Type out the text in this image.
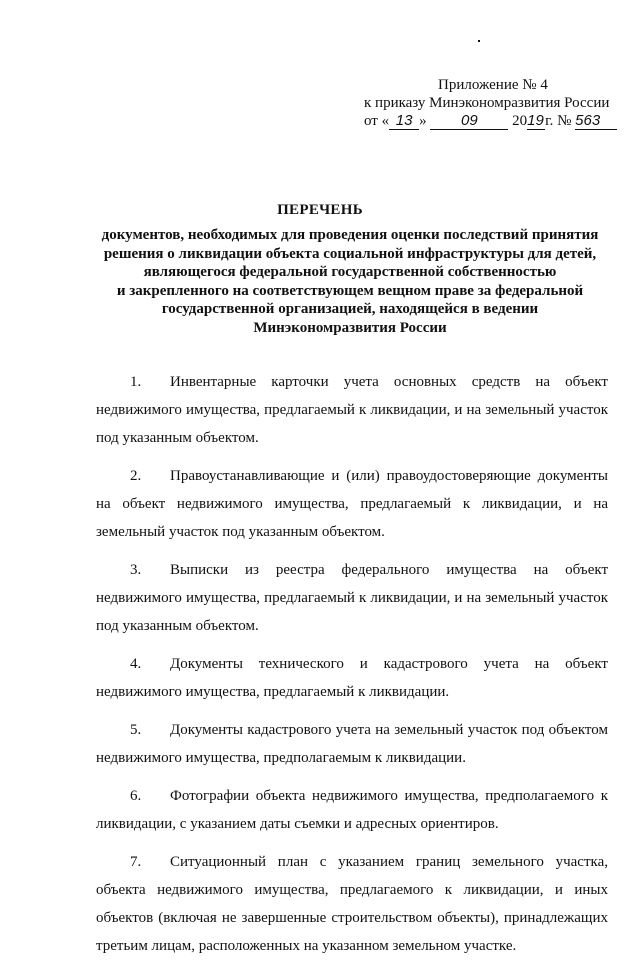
Приложение № 4
к приказу Минэкономразвития России
от « 13 » 09 2019г. № 563
ПЕРЕЧЕНЬ
документов, необходимых для проведения оценки последствий принятия
решения о ликвидации объекта социальной инфраструктуры для детей,
являющегося федеральной государственной собственностью
и закрепленного на соответствующем вещном праве за федеральной
государственной организацией, находящейся в ведении
Минэкономразвития России

1. Инвентарные карточки учета основных средств на объект недвижимого имущества, предлагаемый к ликвидации, и на земельный участок под указанным объектом.

2. Правоустанавливающие и (или) правоудостоверяющие документы на объект недвижимого имущества, предлагаемый к ликвидации, и на земельный участок под указанным объектом.

3. Выписки из реестра федерального имущества на объект недвижимого имущества, предлагаемый к ликвидации, и на земельный участок под указанным объектом.

4. Документы технического и кадастрового учета на объект недвижимого имущества, предлагаемый к ликвидации.

5. Документы кадастрового учета на земельный участок под объектом недвижимого имущества, предполагаемым к ликвидации.

6. Фотографии объекта недвижимого имущества, предполагаемого к ликвидации, с указанием даты съемки и адресных ориентиров.

7. Ситуационный план с указанием границ земельного участка, объекта недвижимого имущества, предлагаемого к ликвидации, и иных объектов (включая не завершенные строительством объекты), принадлежащих третьим лицам, расположенных на указанном земельном участке.
